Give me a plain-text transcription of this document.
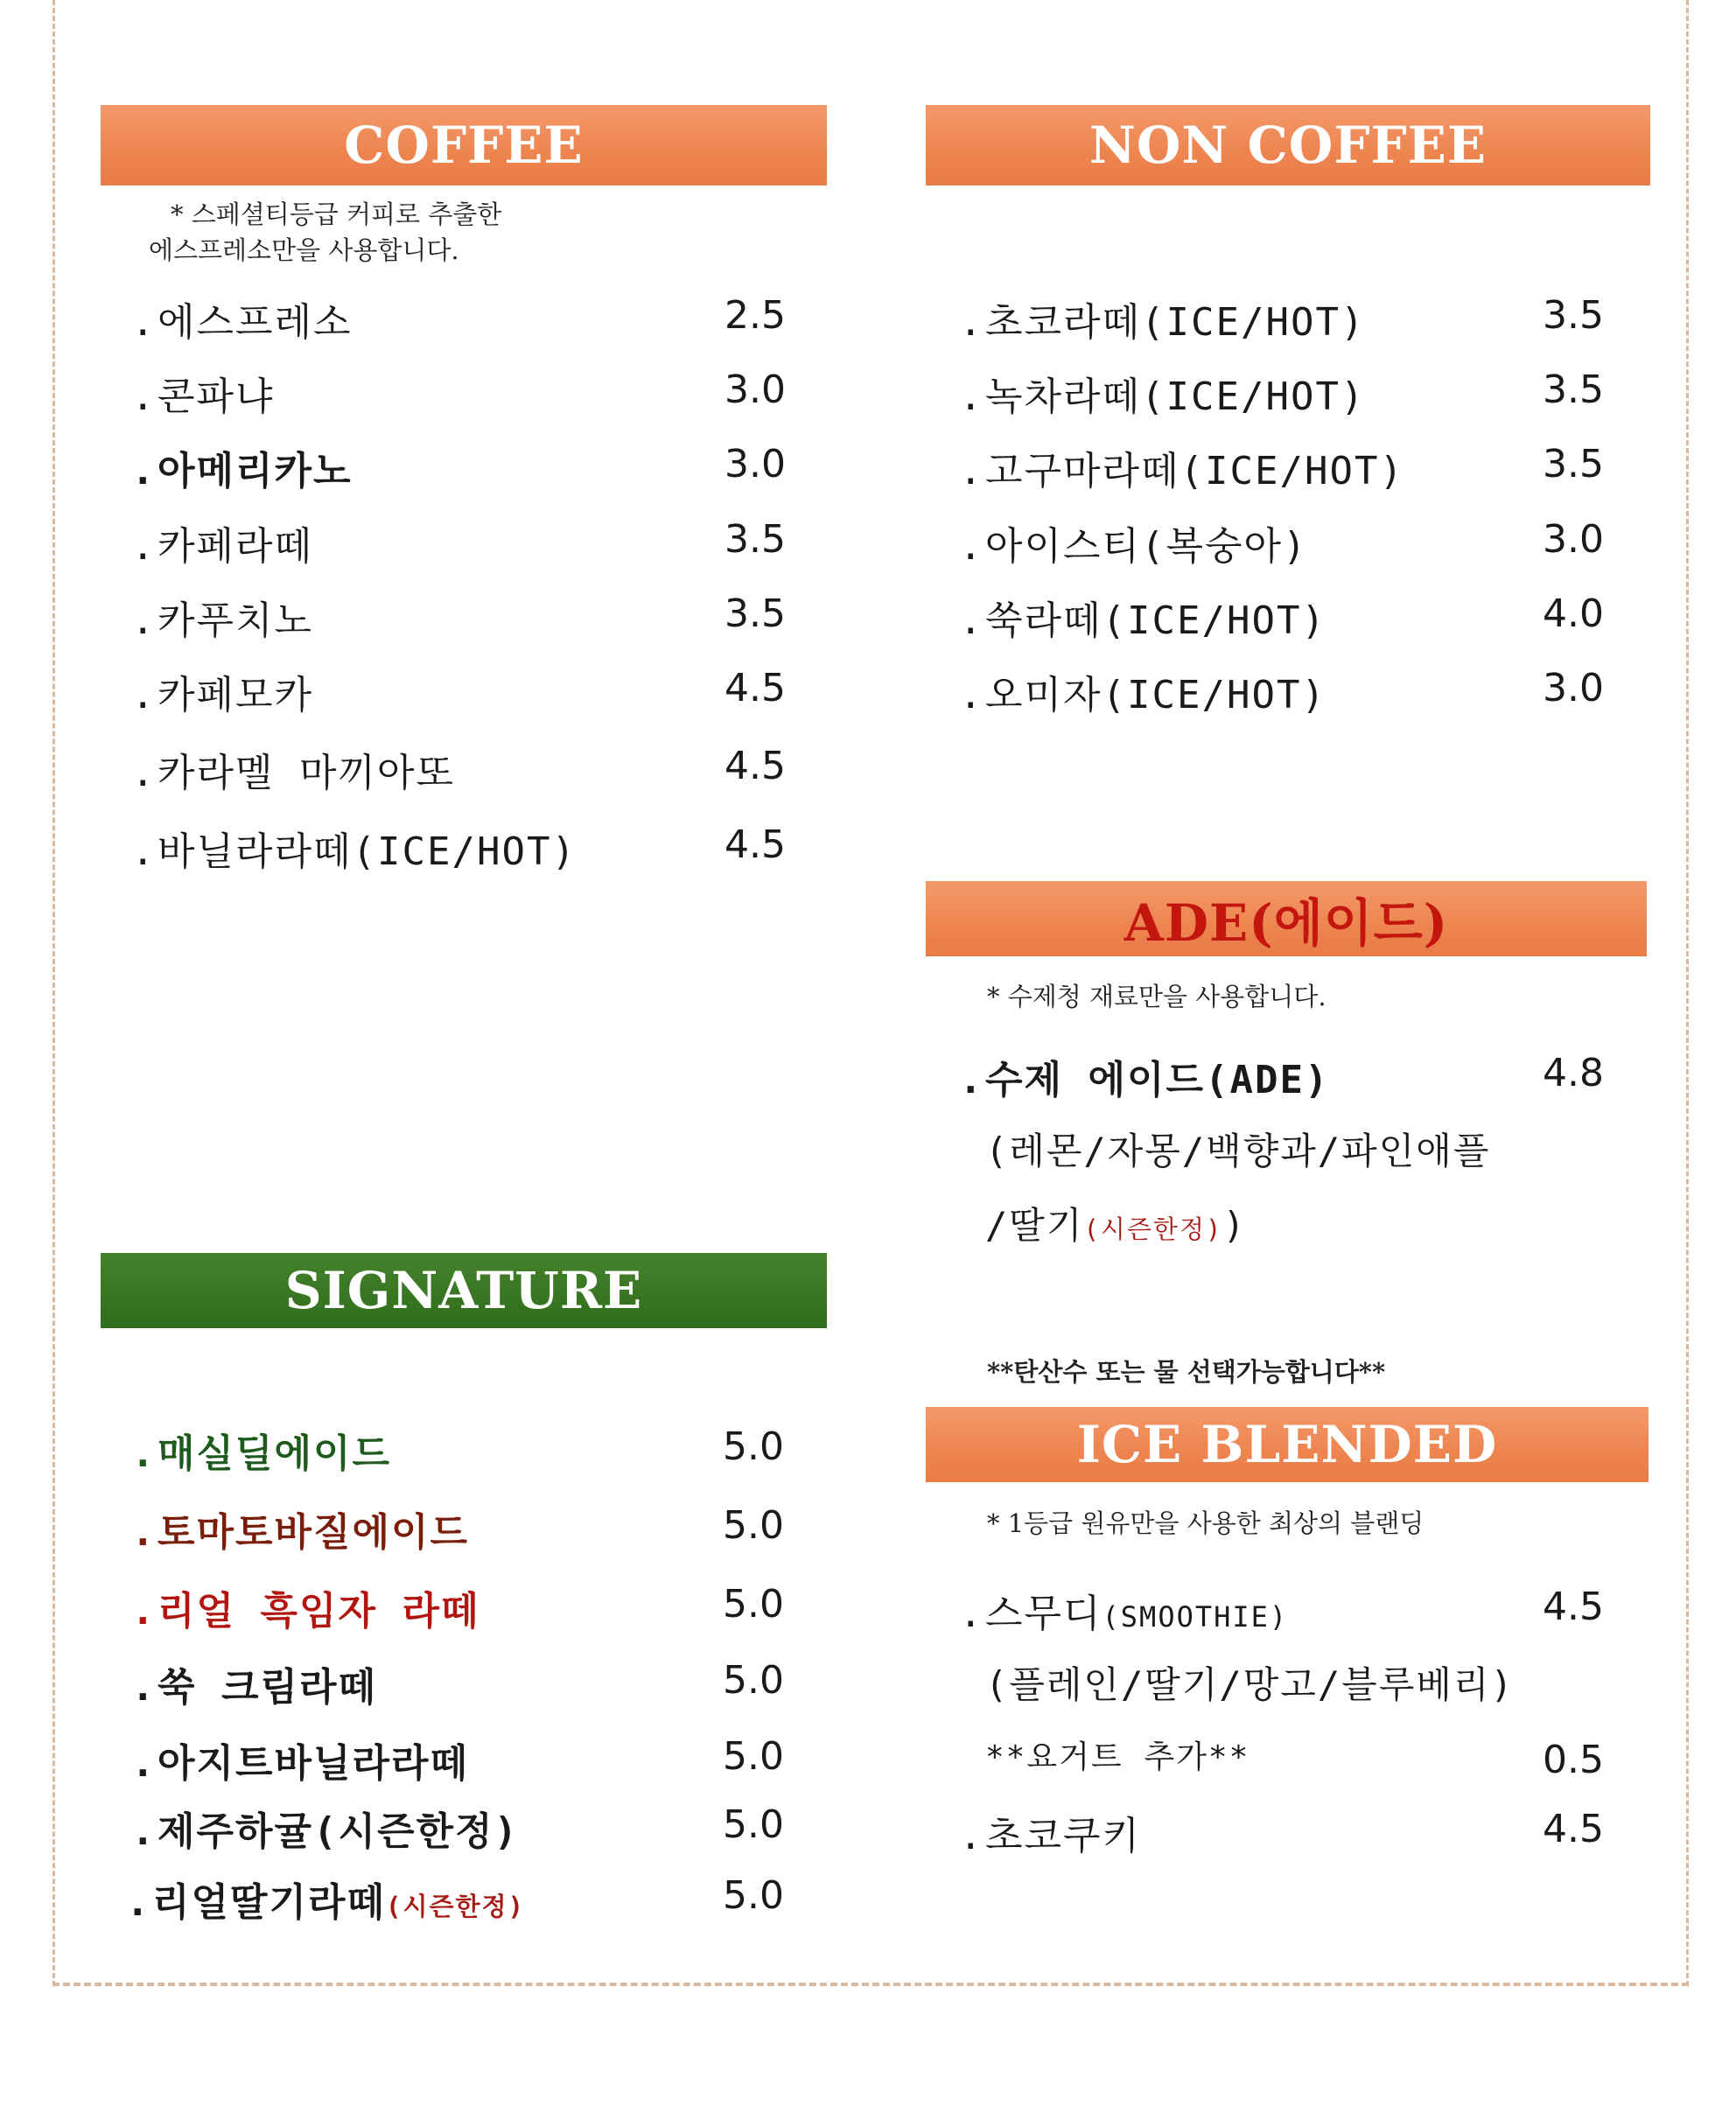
COFFEE
* 스페셜티등급 커피로 추출한
에스프레소만을 사용합니다.
.에스프레소	2.5
.콘파냐	3.0
.아메리카노	3.0
.카페라떼	3.5
.카푸치노	3.5
.카페모카	4.5
.카라멜 마끼아또	4.5
.바닐라라떼(ICE/HOT)	4.5
NON COFFEE
.초코라떼(ICE/HOT)	3.5
.녹차라떼(ICE/HOT)	3.5
.고구마라떼(ICE/HOT)	3.5
.아이스티(복숭아)	3.0
.쑥라떼(ICE/HOT)	4.0
.오미자(ICE/HOT)	3.0
ADE(에이드)
* 수제청 재료만을 사용합니다.
.수제 에이드(ADE)	4.8
(레몬/자몽/백향과/파인애플
/딸기(시즌한정))
**탄산수 또는 물 선택가능합니다**
ICE BLENDED
* 1등급 원유만을 사용한 최상의 블랜딩
.스무디(SMOOTHIE)	4.5
(플레인/딸기/망고/블루베리)
**요거트 추가**	0.5
.초코쿠키	4.5
SIGNATURE
.매실딜에이드	5.0
.토마토바질에이드	5.0
.리얼 흑임자 라떼	5.0
.쑥 크림라떼	5.0
.아지트바닐라라떼	5.0
.제주하귤(시즌한정)	5.0
.리얼딸기라떼(시즌한정)	5.0
